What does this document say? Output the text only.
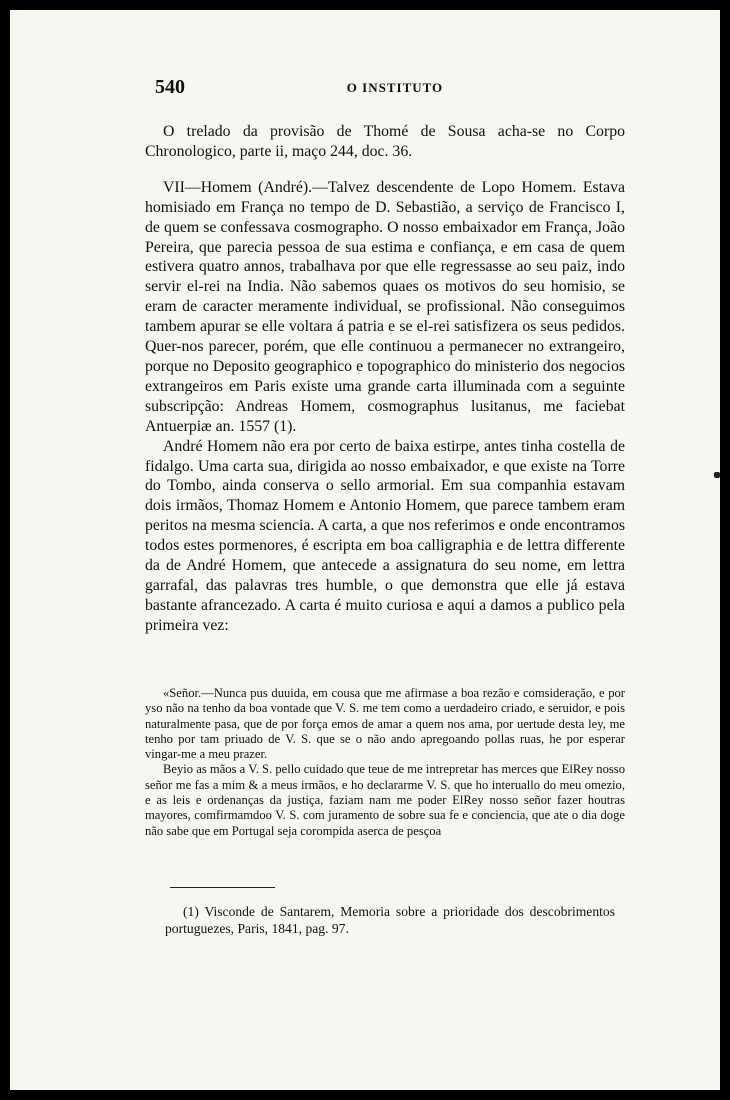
540	O INSTITUTO

O trelado da provisão de Thomé de Sousa acha-se no Corpo Chronologico, parte ii, maço 244, doc. 36.

VII—Homem (André).—Talvez descendente de Lopo Homem. Estava homisiado em França no tempo de D. Sebastião, a serviço de Francisco I, de quem se confessava cosmographo. O nosso embaixador em França, João Pereira, que parecia pessoa de sua estima e confiança, e em casa de quem estivera quatro annos, trabalhava por que elle regressasse ao seu paiz, indo servir el-rei na India. Não sabemos quaes os motivos do seu homisio, se eram de caracter meramente individual, se profissional. Não conseguimos tambem apurar se elle voltara á patria e se el-rei satisfizera os seus pedidos. Quer-nos parecer, porém, que elle continuou a permanecer no extrangeiro, porque no Deposito geographico e topographico do ministerio dos negocios extrangeiros em Paris existe uma grande carta illuminada com a seguinte subscripção: Andreas Homem, cosmographus lusitanus, me faciebat Antuerpiæ an. 1557 (1).

André Homem não era por certo de baixa estirpe, antes tinha costella de fidalgo. Uma carta sua, dirigida ao nosso embaixador, e que existe na Torre do Tombo, ainda conserva o sello armorial. Em sua companhia estavam dois irmãos, Thomaz Homem e Antonio Homem, que parece tambem eram peritos na mesma sciencia. A carta, a que nos referimos e onde encontramos todos estes pormenores, é escripta em boa calligraphia e de lettra differente da de André Homem, que antecede a assignatura do seu nome, em lettra garrafal, das palavras tres humble, o que demonstra que elle já estava bastante afrancezado. A carta é muito curiosa e aqui a damos a publico pela primeira vez:

«Señor.—Nunca pus duuida, em cousa que me afirmase a boa rezão e comsideração, e por yso não na tenho da boa vontade que V. S. me tem como a uerdadeiro criado, e seruidor, e pois naturalmente pasa, que de por força emos de amar a quem nos ama, por uertude desta ley, me tenho por tam priuado de V. S. que se o não ando apregoando pollas ruas, he por esperar vingar-me a meu prazer.

Beyio as mãos a V. S. pello cuidado que teue de me intrepretar has merces que ElRey nosso señor me fas a mim & a meus irmãos, e ho declararme V. S. que ho interuallo do meu omezio, e as leis e ordenanças da justiça, faziam nam me poder ElRey nosso señor fazer houtras mayores, comfirmamdoo V. S. com juramento de sobre sua fe e conciencia, que ate o dia doge não sabe que em Portugal seja corompida aserca de pesçoa

(1) Visconde de Santarem, Memoria sobre a prioridade dos descobrimentos portuguezes, Paris, 1841, pag. 97.
